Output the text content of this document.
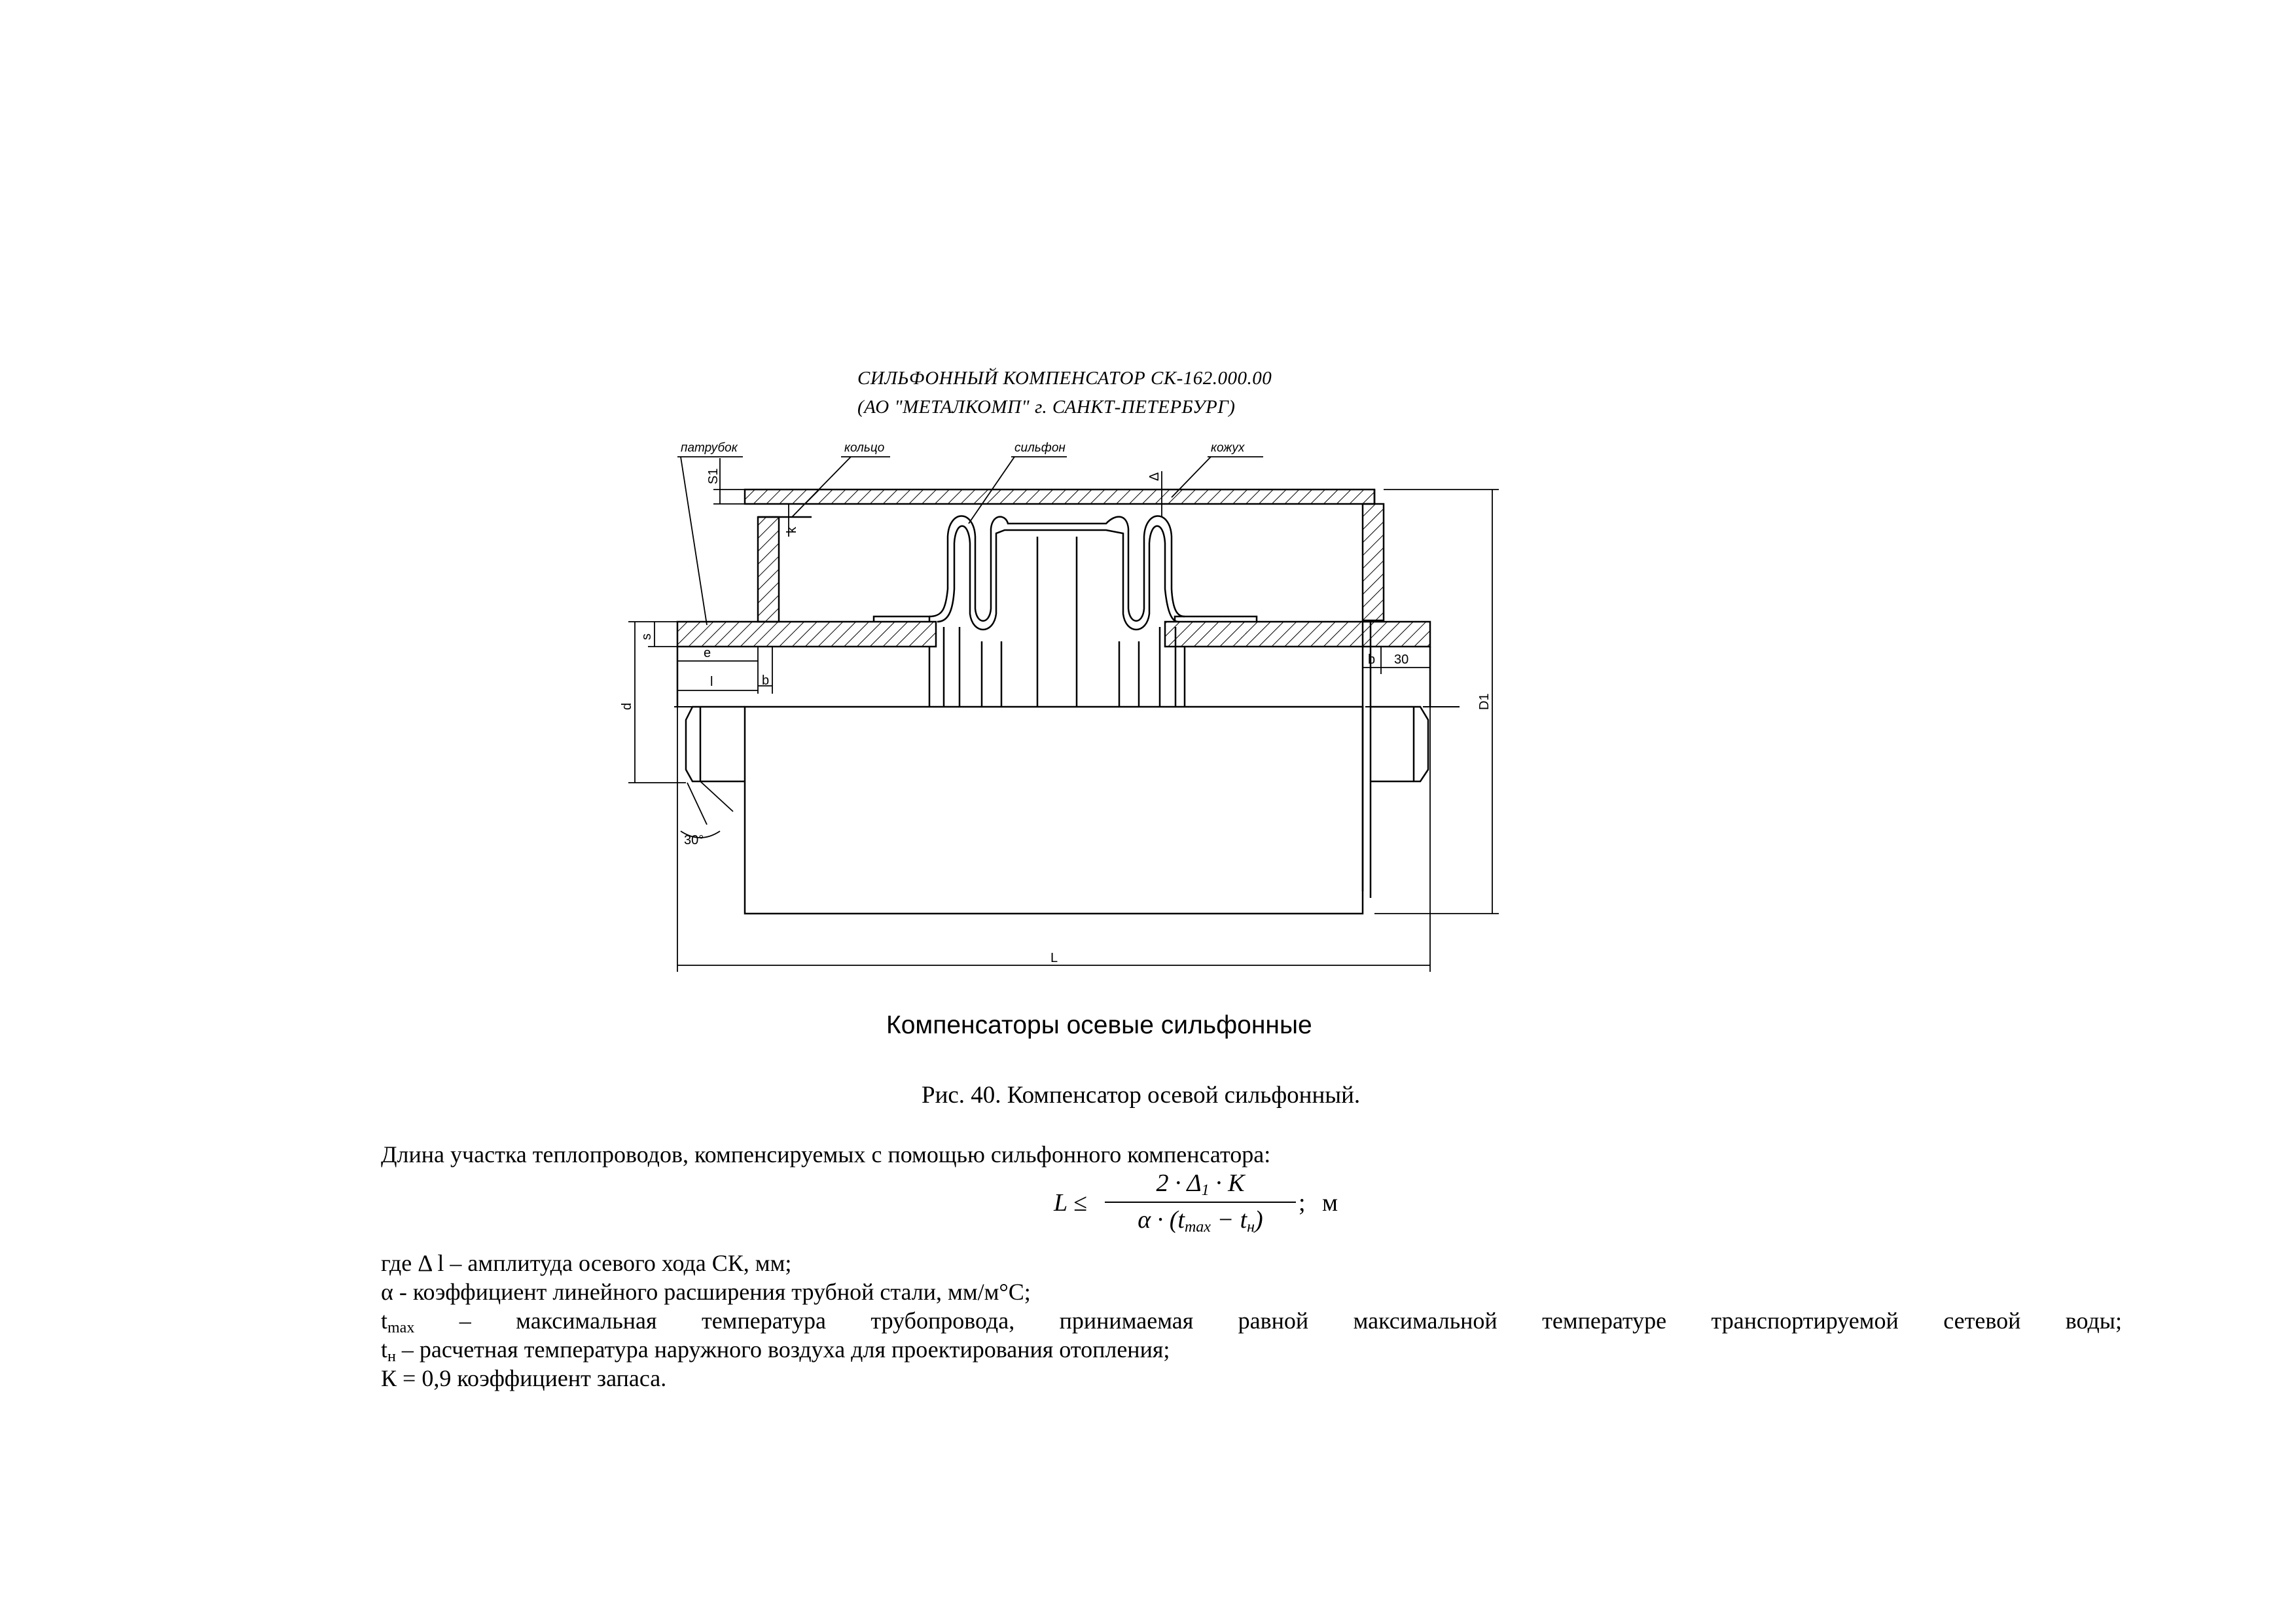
СИЛЬФОННЫЙ КОМПЕНСАТОР СК-162.000.00
(АО "МЕТАЛКОМП" г. САНКТ-ПЕТЕРБУРГ)
патрубок	кольцо	сильфон	кожух
S1	Δ
k
s
e
l	b
d
30°
b 30
D1
L
Компенсаторы осевые сильфонные
Рис. 40. Компенсатор осевой сильфонный.
Длина участка теплопроводов, компенсируемых с помощью сильфонного компенсатора:
L ≤
$2 \cdot \Delta_1 \cdot K$
$\alpha \cdot (t_{max} - t_н)$
; м
где Δ l – амплитуда осевого хода СК, мм;
α - коэффициент линейного расширения трубной стали, мм/м°С;
$t_{max}$ – максимальная температура трубопровода, принимаемая равной максимальной температуре транспортируемой сетевой воды;
$t_н$ – расчетная температура наружного воздуха для проектирования отопления;
К = 0,9 коэффициент запаса.
